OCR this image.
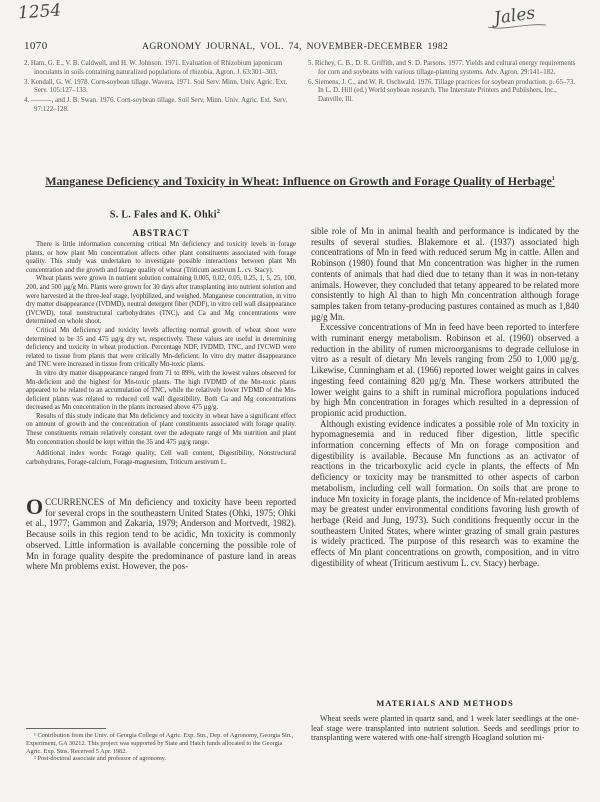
1254	Jales
1070	AGRONOMY JOURNAL, VOL. 74, NOVEMBER-DECEMBER 1982

2. Ham, G. E., V. B. Caldwell, and H. W. Johnson. 1971. Evaluation of Rhizobium japonicum inoculants in soils containing naturalized populations of rhizobia. Agron. J. 63:301–303.

3. Kendall, G. W. 1978. Corn-soybean tillage. Wavera. 1971. Soil Serv. Minn. Univ. Agric. Ext. Serv. 105:127–133.

4. ———, and J. B. Swan. 1976. Corn-soybean tillage. Soil Serv. Minn. Univ. Agric. Ext. Serv. 97:122–128.

5. Richey, C. B., D. R. Griffith, and S. D. Parsons. 1977. Yields and cultural energy requirements for corn and soybeans with various tillage-planting systems. Adv. Agron. 29:141–182.

6. Siemens, J. C., and W. R. Oschwald. 1976. Tillage practices for soybean production. p. 65–73. In L. D. Hill (ed.) World soybean research. The Interstate Printers and Publishers, Inc., Danville, Ill.

Manganese Deficiency and Toxicity in Wheat: Influence on Growth and Forage Quality of Herbage$^1$
S. L. Fales and K. Ohki$^2$
ABSTRACT

There is little information concerning critical Mn deficiency and toxicity levels in forage plants, or how plant Mn concentration affects other plant constituents associated with forage quality. This study was undertaken to investigate possible interactions between plant Mn concentration and the growth and forage quality of wheat (Triticum aestivum L. cv. Stacy).

Wheat plants were grown in nutrient solution containing 0.005, 0.02, 0.05, 0.25, 1, 5, 25, 100, 200, and 500 µg/g Mn. Plants were grown for 30 days after transplanting into nutrient solution and were harvested at the three-leaf stage, lyophilized, and weighed. Manganese concentration, in vitro dry matter disappearance (IVDMD), neutral detergent fiber (NDF), in vitro cell wall disappearance (IVCWD), total nonstructural carbohydrates (TNC), and Ca and Mg concentrations were determined on whole shoot.

Critical Mn deficiency and toxicity levels affecting normal growth of wheat shoot were determined to be 35 and 475 µg/g dry wt, respectively. These values are useful in determining deficiency and toxicity in wheat production. Percentage NDF, IVDMD, TNC, and IVCWD were related to tissue from plants that were critically Mn-deficient. In vitro dry matter disappearance and TNC were increased in tissue from critically Mn-toxic plants.

In vitro dry matter disappearance ranged from 71 to 89%, with the lowest values observed for Mn-deficient and the highest for Mn-toxic plants. The high IVDMD of the Mn-toxic plants appeared to be related to an accumulation of TNC, while the relatively lower IVDMD of the Mn-deficient plants was related to reduced cell wall digestibility. Both Ca and Mg concentrations decreased as Mn concentration in the plants increased above 475 µg/g.

Results of this study indicate that Mn deficiency and toxicity in wheat have a significant effect on amount of growth and the concentration of plant constituents associated with forage quality. These constituents remain relatively constant over the adequate range of Mn nutrition and plant Mn concentration should be kept within the 35 and 475 µg/g range.

Additional index words: Forage quality, Cell wall content, Digestibility, Nonstructural carbohydrates, Forage-calcium, Forage-magnesium, Triticum aestivum L.

OCCURRENCES of Mn deficiency and toxicity have been reported for several crops in the southeastern United States (Ohki, 1975; Ohki et al., 1977; Gammon and Zakaria, 1979; Anderson and Mortvedt, 1982). Because soils in this region tend to be acidic, Mn toxicity is commonly observed. Little information is available concerning the possible role of Mn in forage quality despite the predominance of pasture land in areas where Mn problems exist. However, the pos-

¹ Contribution from the Univ. of Georgia College of Agric. Exp. Stn., Dep. of Agronomy, Georgia Stn., Experiment, GA 30212. This project was supported by State and Hatch funds allocated to the Georgia Agric. Exp. Stns. Received 5 Apr. 1982.

² Post-doctoral associate and professor of agronomy.

sible role of Mn in animal health and performance is indicated by the results of several studies. Blakemore et al. (1937) associated high concentrations of Mn in feed with reduced serum Mg in cattle. Allen and Robinson (1980) found that Mn concentration was higher in the rumen contents of animals that had died due to tetany than it was in non-tetany animals. However, they concluded that tetany appeared to be related more consistently to high Al than to high Mn concentration although forage samples taken from tetany-producing pastures contained as much as 1,840 µg/g Mn.

Excessive concentrations of Mn in feed have been reported to interfere with ruminant energy metabolism. Robinson et al. (1960) observed a reduction in the ability of rumen microorganisms to degrade cellulose in vitro as a result of dietary Mn levels ranging from 250 to 1,000 µg/g. Likewise, Cunningham et al. (1966) reported lower weight gains in calves ingesting feed containing 820 µg/g Mn. These workers attributed the lower weight gains to a shift in ruminal microflora populations induced by high Mn concentration in forages which resulted in a depression of propionic acid production.

Although existing evidence indicates a possible role of Mn toxicity in hypomagnesemia and in reduced fiber digestion, little specific information concerning effects of Mn on forage composition and digestibility is available. Because Mn functions as an activator of reactions in the tricarboxylic acid cycle in plants, the effects of Mn deficiency or toxicity may be transmitted to other aspects of carbon metabolism, including cell wall formation. On soils that are prone to induce Mn toxicity in forage plants, the incidence of Mn-related problems may be greatest under environmental conditions favoring lush growth of herbage (Reid and Jung, 1973). Such conditions frequently occur in the southeastern United States, where winter grazing of small grain pastures is widely practiced. The purpose of this research was to examine the effects of Mn plant concentrations on growth, composition, and in vitro digestibility of wheat (Triticum aestivum L. cv. Stacy) herbage.

MATERIALS AND METHODS

Wheat seeds were planted in quartz sand, and 1 week later seedlings at the one-leaf stage were transplanted into nutrient solution. Seeds and seedlings prior to transplanting were watered with one-half strength Hoagland solution mi-
